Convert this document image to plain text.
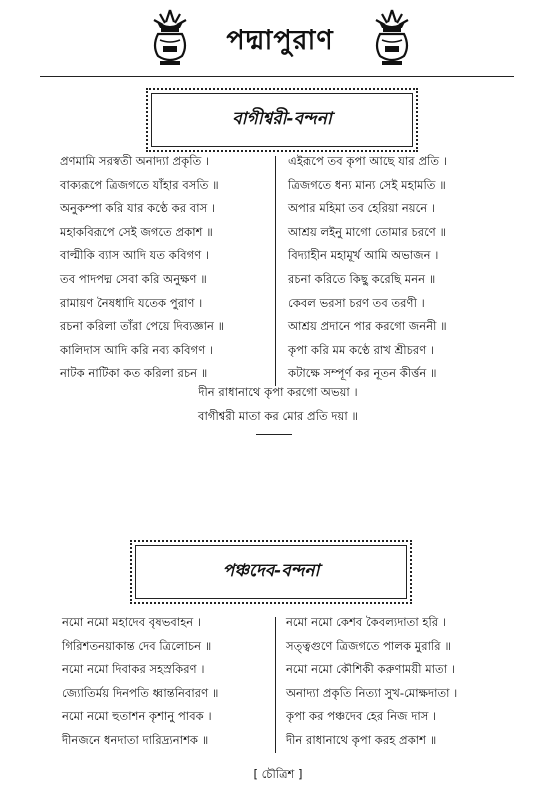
পদ্মাপুরাণ
বাগীশ্বরী-বন্দনা
প্রণমামি সরস্বতী অনাদ্যা প্রকৃতি ।
বাক্যরূপে ত্রিজগতে যাঁহার বসতি ॥
অনুকম্পা করি যার কণ্ঠে কর বাস ।
মহাকবিরূপে সেই জগতে প্রকাশ ॥
বাল্মীকি ব্যাস আদি যত কবিগণ ।
তব পাদপদ্ম সেবা করি অনুক্ষণ ॥
রামায়ণ নৈষধাদি যতেক পুরাণ ।
রচনা করিলা তাঁরা পেয়ে দিব্যজ্ঞান ॥
কালিদাস আদি করি নব্য কবিগণ ।
নাটক নাটিকা কত করিলা রচন ॥
এইরূপে তব কৃপা আছে যার প্রতি ।
ত্রিজগতে ধন্য মান্য সেই মহামতি ॥
অপার মহিমা তব হেরিয়া নয়নে ।
আশ্রয় লইনু মাগো তোমার চরণে ॥
বিদ্যাহীন মহামূর্খ আমি অভাজন ।
রচনা করিতে কিছু করেছি মনন ॥
কেবল ভরসা চরণ তব তরণী ।
আশ্রয় প্রদানে পার করগো জননী ॥
কৃপা করি মম কণ্ঠে রাখ শ্রীচরণ ।
কটাক্ষে সম্পূর্ণ কর নূতন কীর্ত্তন ॥
দীন রাধানাথে কৃপা করগো অভয়া ।
বাগীশ্বরী মাতা কর মোর প্রতি দয়া ॥
পঞ্চদেব-বন্দনা
নমো নমো মহাদেব বৃষভবাহন ।
গিরিশতনয়াকান্ত দেব ত্রিলোচন ॥
নমো নমো দিবাকর সহস্রকিরণ ।
জ্যোতির্ময় দিনপতি ধ্বান্তনিবারণ ॥
নমো নমো হুতাশন কৃশানু পাবক ।
দীনজনে ধনদাতা দারিদ্র্যনাশক ॥
নমো নমো কেশব কৈবল্যদাতা হরি ।
সত্ত্বগুণে ত্রিজগতে পালক মুরারি ॥
নমো নমো কৌশিকী করুণাময়ী মাতা ।
অনাদ্যা প্রকৃতি নিত্যা সুখ-মোক্ষদাতা ।
কৃপা কর পঞ্চদেব হের নিজ দাস ।
দীন রাধানাথে কৃপা করহ প্রকাশ ॥
[ চৌত্রিশ ]
